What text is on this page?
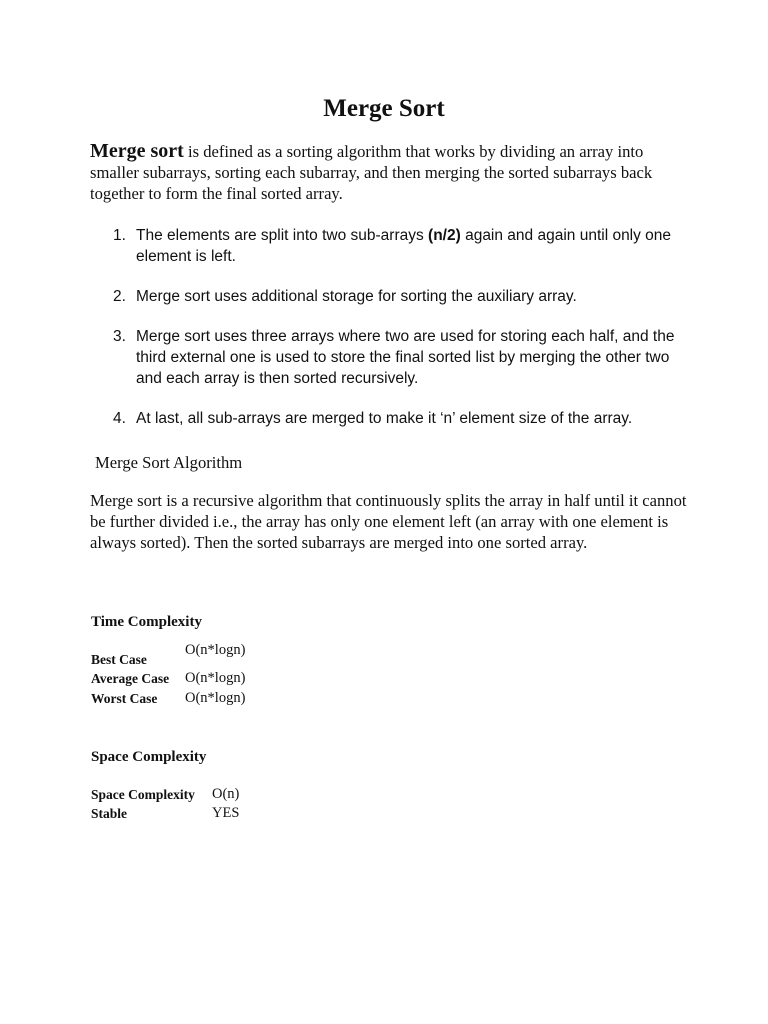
Merge Sort
Merge sort is defined as a sorting algorithm that works by dividing an array into smaller subarrays, sorting each subarray, and then merging the sorted subarrays back together to form the final sorted array.
1. The elements are split into two sub-arrays (n/2) again and again until only one element is left.
2. Merge sort uses additional storage for sorting the auxiliary array.
3. Merge sort uses three arrays where two are used for storing each half, and the third external one is used to store the final sorted list by merging the other two and each array is then sorted recursively.
4. At last, all sub-arrays are merged to make it ‘n’ element size of the array.
Merge Sort Algorithm
Merge sort is a recursive algorithm that continuously splits the array in half until it cannot be further divided i.e., the array has only one element left (an array with one element is always sorted). Then the sorted subarrays are merged into one sorted array.
Time Complexity
Best Case
O(n*logn)
Average Case O(n*logn)
Worst Case O(n*logn)
Space Complexity
Space Complexity O(n)
Stable	YES
